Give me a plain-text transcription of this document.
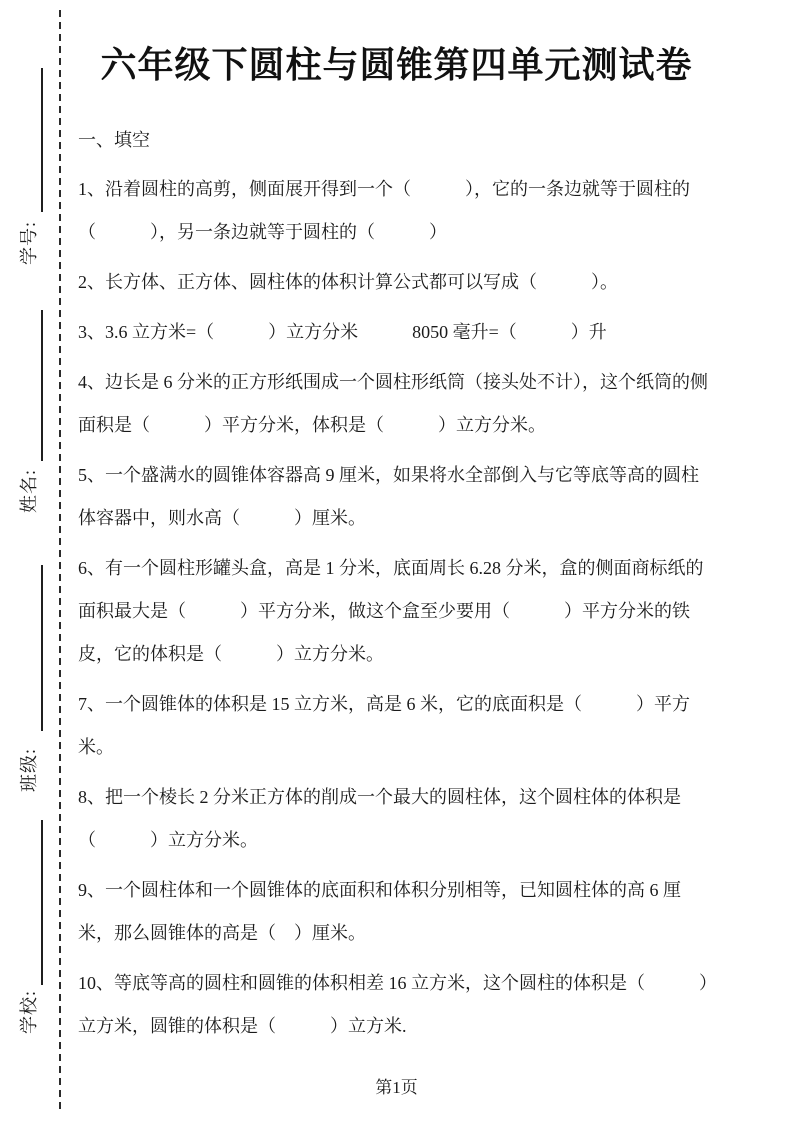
学号:
姓名:
班级:
学校:
六年级下圆柱与圆锥第四单元测试卷
一、填空

1、沿着圆柱的高剪，侧面展开得到一个（　　　），它的一条边就等于圆柱的（　　　），另一条边就等于圆柱的（　　　）

2、长方体、正方体、圆柱体的体积计算公式都可以写成（　　　）。

3、3.6 立方米=（　　　）立方分米　　　8050 毫升=（　　　）升

4、边长是 6 分米的正方形纸围成一个圆柱形纸筒（接头处不计），这个纸筒的侧面积是（　　　）平方分米，体积是（　　　）立方分米。

5、一个盛满水的圆锥体容器高 9 厘米，如果将水全部倒入与它等底等高的圆柱体容器中，则水高（　　　）厘米。

6、有一个圆柱形罐头盒，高是 1 分米，底面周长 6.28 分米，盒的侧面商标纸的面积最大是（　　　）平方分米，做这个盒至少要用（　　　）平方分米的铁皮，它的体积是（　　　）立方分米。

7、一个圆锥体的体积是 15 立方米，高是 6 米，它的底面积是（　　　）平方米。

8、把一个棱长 2 分米正方体的削成一个最大的圆柱体，这个圆柱体的体积是（　　　）立方分米。

9、一个圆柱体和一个圆锥体的底面积和体积分别相等，已知圆柱体的高 6 厘米，那么圆锥体的高是（　）厘米。

10、等底等高的圆柱和圆锥的体积相差 16 立方米，这个圆柱的体积是（　　　）立方米，圆锥的体积是（　　　）立方米.

第1页
